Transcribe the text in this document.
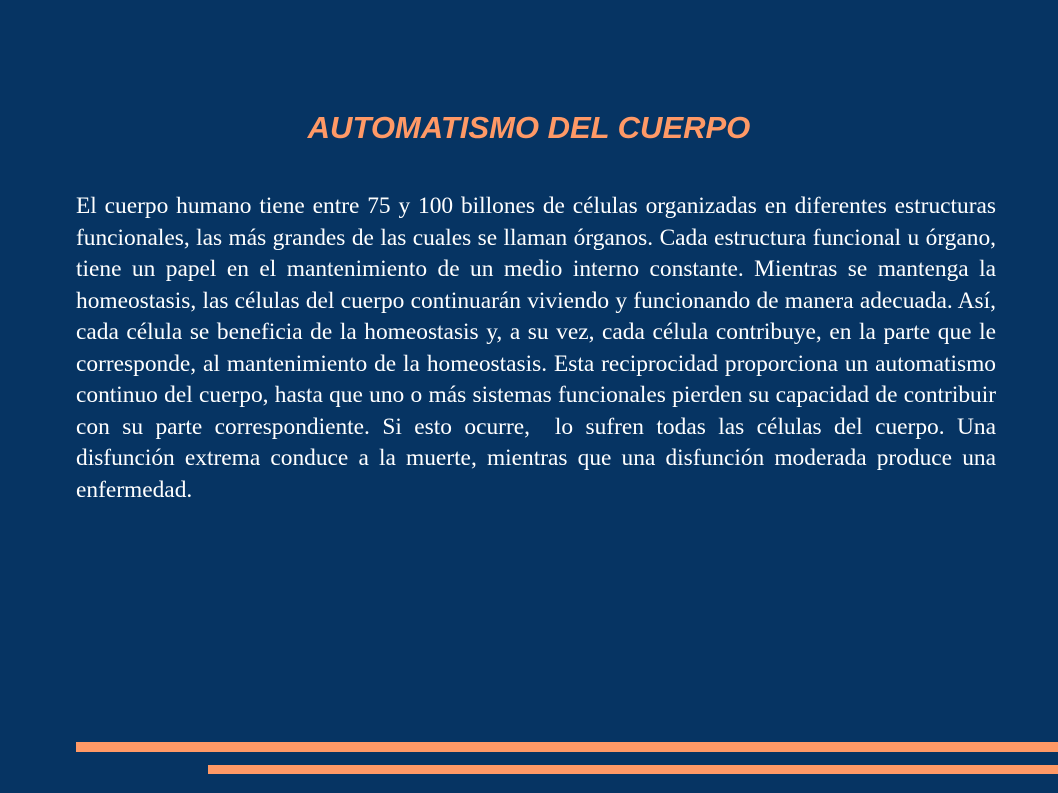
AUTOMATISMO DEL CUERPO

El cuerpo humano tiene entre 75 y 100 billones de células organizadas en diferentes estructuras funcionales, las más grandes de las cuales se llaman órganos. Cada estructura funcional u órgano, tiene un papel en el mantenimiento de un medio interno constante. Mientras se mantenga la homeostasis, las células del cuerpo continuarán viviendo y funcionando de manera adecuada. Así, cada célula se beneficia de la homeostasis y, a su vez, cada célula contribuye, en la parte que le corresponde, al mantenimiento de la homeostasis. Esta reciprocidad proporciona un automatismo continuo del cuerpo, hasta que uno o más sistemas funcionales pierden su capacidad de contribuir con su parte correspondiente. Si esto ocurre,  lo sufren todas las células del cuerpo. Una disfunción extrema conduce a la muerte, mientras que una disfunción moderada produce una enfermedad.
